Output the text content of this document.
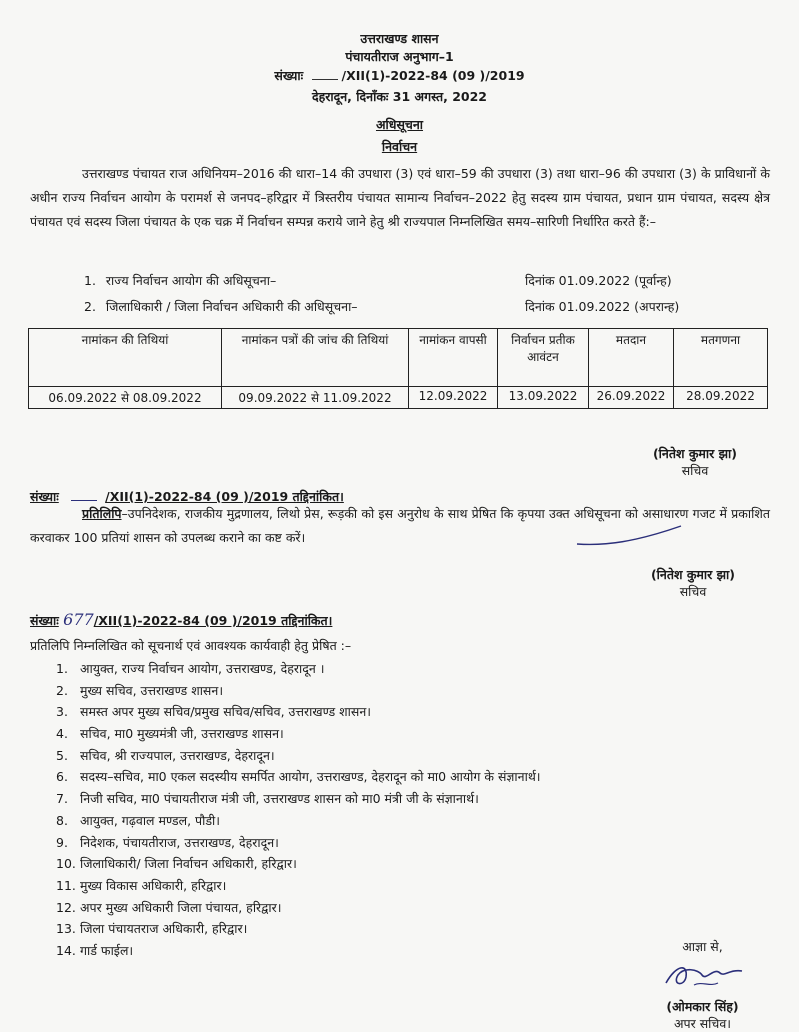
उत्तराखण्ड शासन
पंचायतीराज अनुभाग–1
संख्याः	/XII(1)-2022-84 (09 )/2019
देहरादून, दिनाँकः 31 अगस्त, 2022
अधिसूचना
निर्वाचन

उत्तराखण्ड पंचायत राज अधिनियम–2016 की धारा–14 की उपधारा (3) एवं धारा–59 की उपधारा (3) तथा धारा–96 की उपधारा (3) के प्राविधानों के अधीन राज्य निर्वाचन आयोग के परामर्श से जनपद–हरिद्वार में त्रिस्तरीय पंचायत सामान्य निर्वाचन–2022 हेतु सदस्य ग्राम पंचायत, प्रधान ग्राम पंचायत, सदस्य क्षेत्र पंचायत एवं सदस्य जिला पंचायत के एक चक्र में निर्वाचन सम्पन्न कराये जाने हेतु श्री राज्यपाल निम्नलिखित समय–सारिणी निर्धारित करते हैं:–

1. राज्य निर्वाचन आयोग की अधिसूचना–	दिनांक 01.09.2022 (पूर्वान्ह)
2. जिलाधिकारी / जिला निर्वाचन अधिकारी की अधिसूचना–	दिनांक 01.09.2022 (अपरान्ह)
नामांकन की तिथियां	नामांकन पत्रों की जांच की तिथियां	नामांकन वापसी	निर्वाचन प्रतीक आवंटन	मतदान	मतगणना
06.09.2022 से 08.09.2022	09.09.2022 से 11.09.2022	12.09.2022	13.09.2022	26.09.2022	28.09.2022
(नितेश कुमार झा)
सचिव
संख्याः	/XII(1)-2022-84 (09 )/2019 तद्दिनांकित।

प्रतिलिपि–उपनिदेशक, राजकीय मुद्रणालय, लिथो प्रेस, रूड़की को इस अनुरोध के साथ प्रेषित कि कृपया उक्त अधिसूचना को असाधारण गजट में प्रकाशित करवाकर 100 प्रतियां शासन को उपलब्ध कराने का कष्ट करें।

(नितेश कुमार झा)
सचिव
संख्याः 677/XII(1)-2022-84 (09 )/2019 तद्दिनांकित।
प्रतिलिपि निम्नलिखित को सूचनार्थ एवं आवश्यक कार्यवाही हेतु प्रेषित :–
1. आयुक्त, राज्य निर्वाचन आयोग, उत्तराखण्ड, देहरादून ।
2. मुख्य सचिव, उत्तराखण्ड शासन।
3. समस्त अपर मुख्य सचिव/प्रमुख सचिव/सचिव, उत्तराखण्ड शासन।
4. सचिव, मा0 मुख्यमंत्री जी, उत्तराखण्ड शासन।
5. सचिव, श्री राज्यपाल, उत्तराखण्ड, देहरादून।
6. सदस्य–सचिव, मा0 एकल सदस्यीय समर्पित आयोग, उत्तराखण्ड, देहरादून को मा0 आयोग के संज्ञानार्थ।
7. निजी सचिव, मा0 पंचायतीराज मंत्री जी, उत्तराखण्ड शासन को मा0 मंत्री जी के संज्ञानार्थ।
8. आयुक्त, गढ़वाल मण्डल, पौडी।
9. निदेशक, पंचायतीराज, उत्तराखण्ड, देहरादून।
10. जिलाधिकारी/ जिला निर्वाचन अधिकारी, हरिद्वार।
11. मुख्य विकास अधिकारी, हरिद्वार।
12. अपर मुख्य अधिकारी जिला पंचायत, हरिद्वार।
13. जिला पंचायतराज अधिकारी, हरिद्वार।
14. गार्ड फाईल।	आज्ञा से,
(ओमकार सिंह)
अपर सचिव।
